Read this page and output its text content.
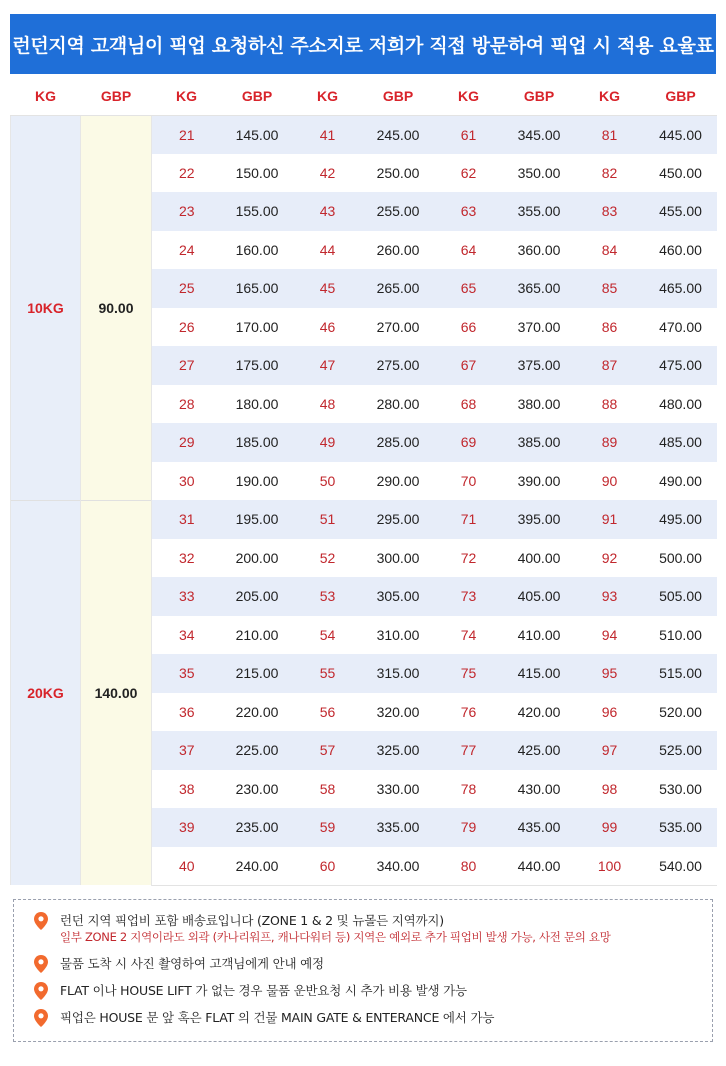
런던지역 고객님이 픽업 요청하신 주소지로 저희가 직접 방문하여 픽업 시 적용 요율표
KG	GBP	KG	GBP	KG	GBP	KG	GBP	KG	GBP
10KG	90.00	21	145.00	41	245.00	61	345.00	81	445.00
		22	150.00	42	250.00	62	350.00	82	450.00
		23	155.00	43	255.00	63	355.00	83	455.00
		24	160.00	44	260.00	64	360.00	84	460.00
		25	165.00	45	265.00	65	365.00	85	465.00
		26	170.00	46	270.00	66	370.00	86	470.00
		27	175.00	47	275.00	67	375.00	87	475.00
		28	180.00	48	280.00	68	380.00	88	480.00
		29	185.00	49	285.00	69	385.00	89	485.00
		30	190.00	50	290.00	70	390.00	90	490.00
20KG	140.00	31	195.00	51	295.00	71	395.00	91	495.00
		32	200.00	52	300.00	72	400.00	92	500.00
		33	205.00	53	305.00	73	405.00	93	505.00
		34	210.00	54	310.00	74	410.00	94	510.00
		35	215.00	55	315.00	75	415.00	95	515.00
		36	220.00	56	320.00	76	420.00	96	520.00
		37	225.00	57	325.00	77	425.00	97	525.00
		38	230.00	58	330.00	78	430.00	98	530.00
		39	235.00	59	335.00	79	435.00	99	535.00
		40	240.00	60	340.00	80	440.00	100	540.00
런던 지역 픽업비 포함 배송료입니다 (ZONE 1 & 2 및 뉴몰든 지역까지)
일부 ZONE 2 지역이라도 외곽 (카나리워프, 캐나다워터 등) 지역은 예외로 추가 픽업비 발생 가능, 사전 문의 요망
물품 도착 시 사진 촬영하여 고객님에게 안내 예정
FLAT 이나 HOUSE LIFT 가 없는 경우 물품 운반요청 시 추가 비용 발생 가능
픽업은 HOUSE 문 앞 혹은 FLAT 의 건물 MAIN GATE & ENTERANCE 에서 가능
